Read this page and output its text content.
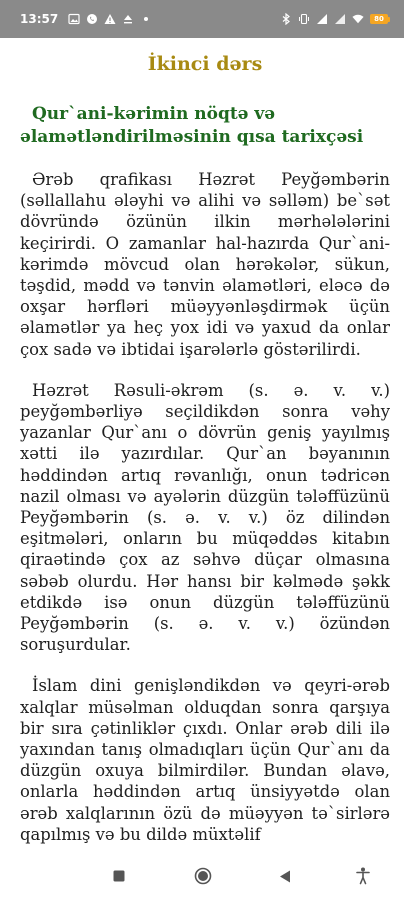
13:57	80
İkinci dərs
Qur`ani-kərimin nöqtə və əlamətləndirilməsinin qısa tarixçəsi

Ərəb qrafikası Həzrət Peyğəmbərin (səllallahu ələyhi və alihi və səlləm) be`sət dövründə özünün ilkin mərhələlərini keçirirdi. O zamanlar hal-hazırda Qur`ani-kərimdə mövcud olan hərəkələr, sükun, təşdid, mədd və tənvin əlamətləri, eləcə də oxşar hərfləri müəyyənləşdirmək üçün əlamətlər ya heç yox idi və yaxud da onlar çox sadə və ibtidai işarələrlə göstərilirdi.

Həzrət Rəsuli-əkrəm (s. ə. v. v.) peyğəmbərliyə seçildikdən sonra vəhy yazanlar Qur`anı o dövrün geniş yayılmış xətti ilə yazırdılar. Qur`an bəyanının həddindən artıq rəvanlığı, onun tədricən nazil olması və ayələrin düzgün tələffüzünü Peyğəmbərin (s. ə. v. v.) öz dilindən eşitmələri, onların bu müqəddəs kitabın qiraətində çox az səhvə düçar olmasına səbəb olurdu. Hər hansı bir kəlmədə şəkk etdikdə isə onun düzgün tələffüzünü Peyğəmbərin (s. ə. v. v.) özündən soruşurdular.

İslam dini genişləndikdən və qeyri-ərəb xalqlar müsəlman olduqdan sonra qarşıya bir sıra çətinliklər çıxdı. Onlar ərəb dili ilə yaxından tanış olmadıqları üçün Qur`anı da düzgün oxuya bilmirdilər. Bundan əlavə, onlarla həddindən artıq ünsiyyətdə olan ərəb xalqlarının özü də müəyyən tə`sirlərə qapılmış və bu dildə müxtəlif
